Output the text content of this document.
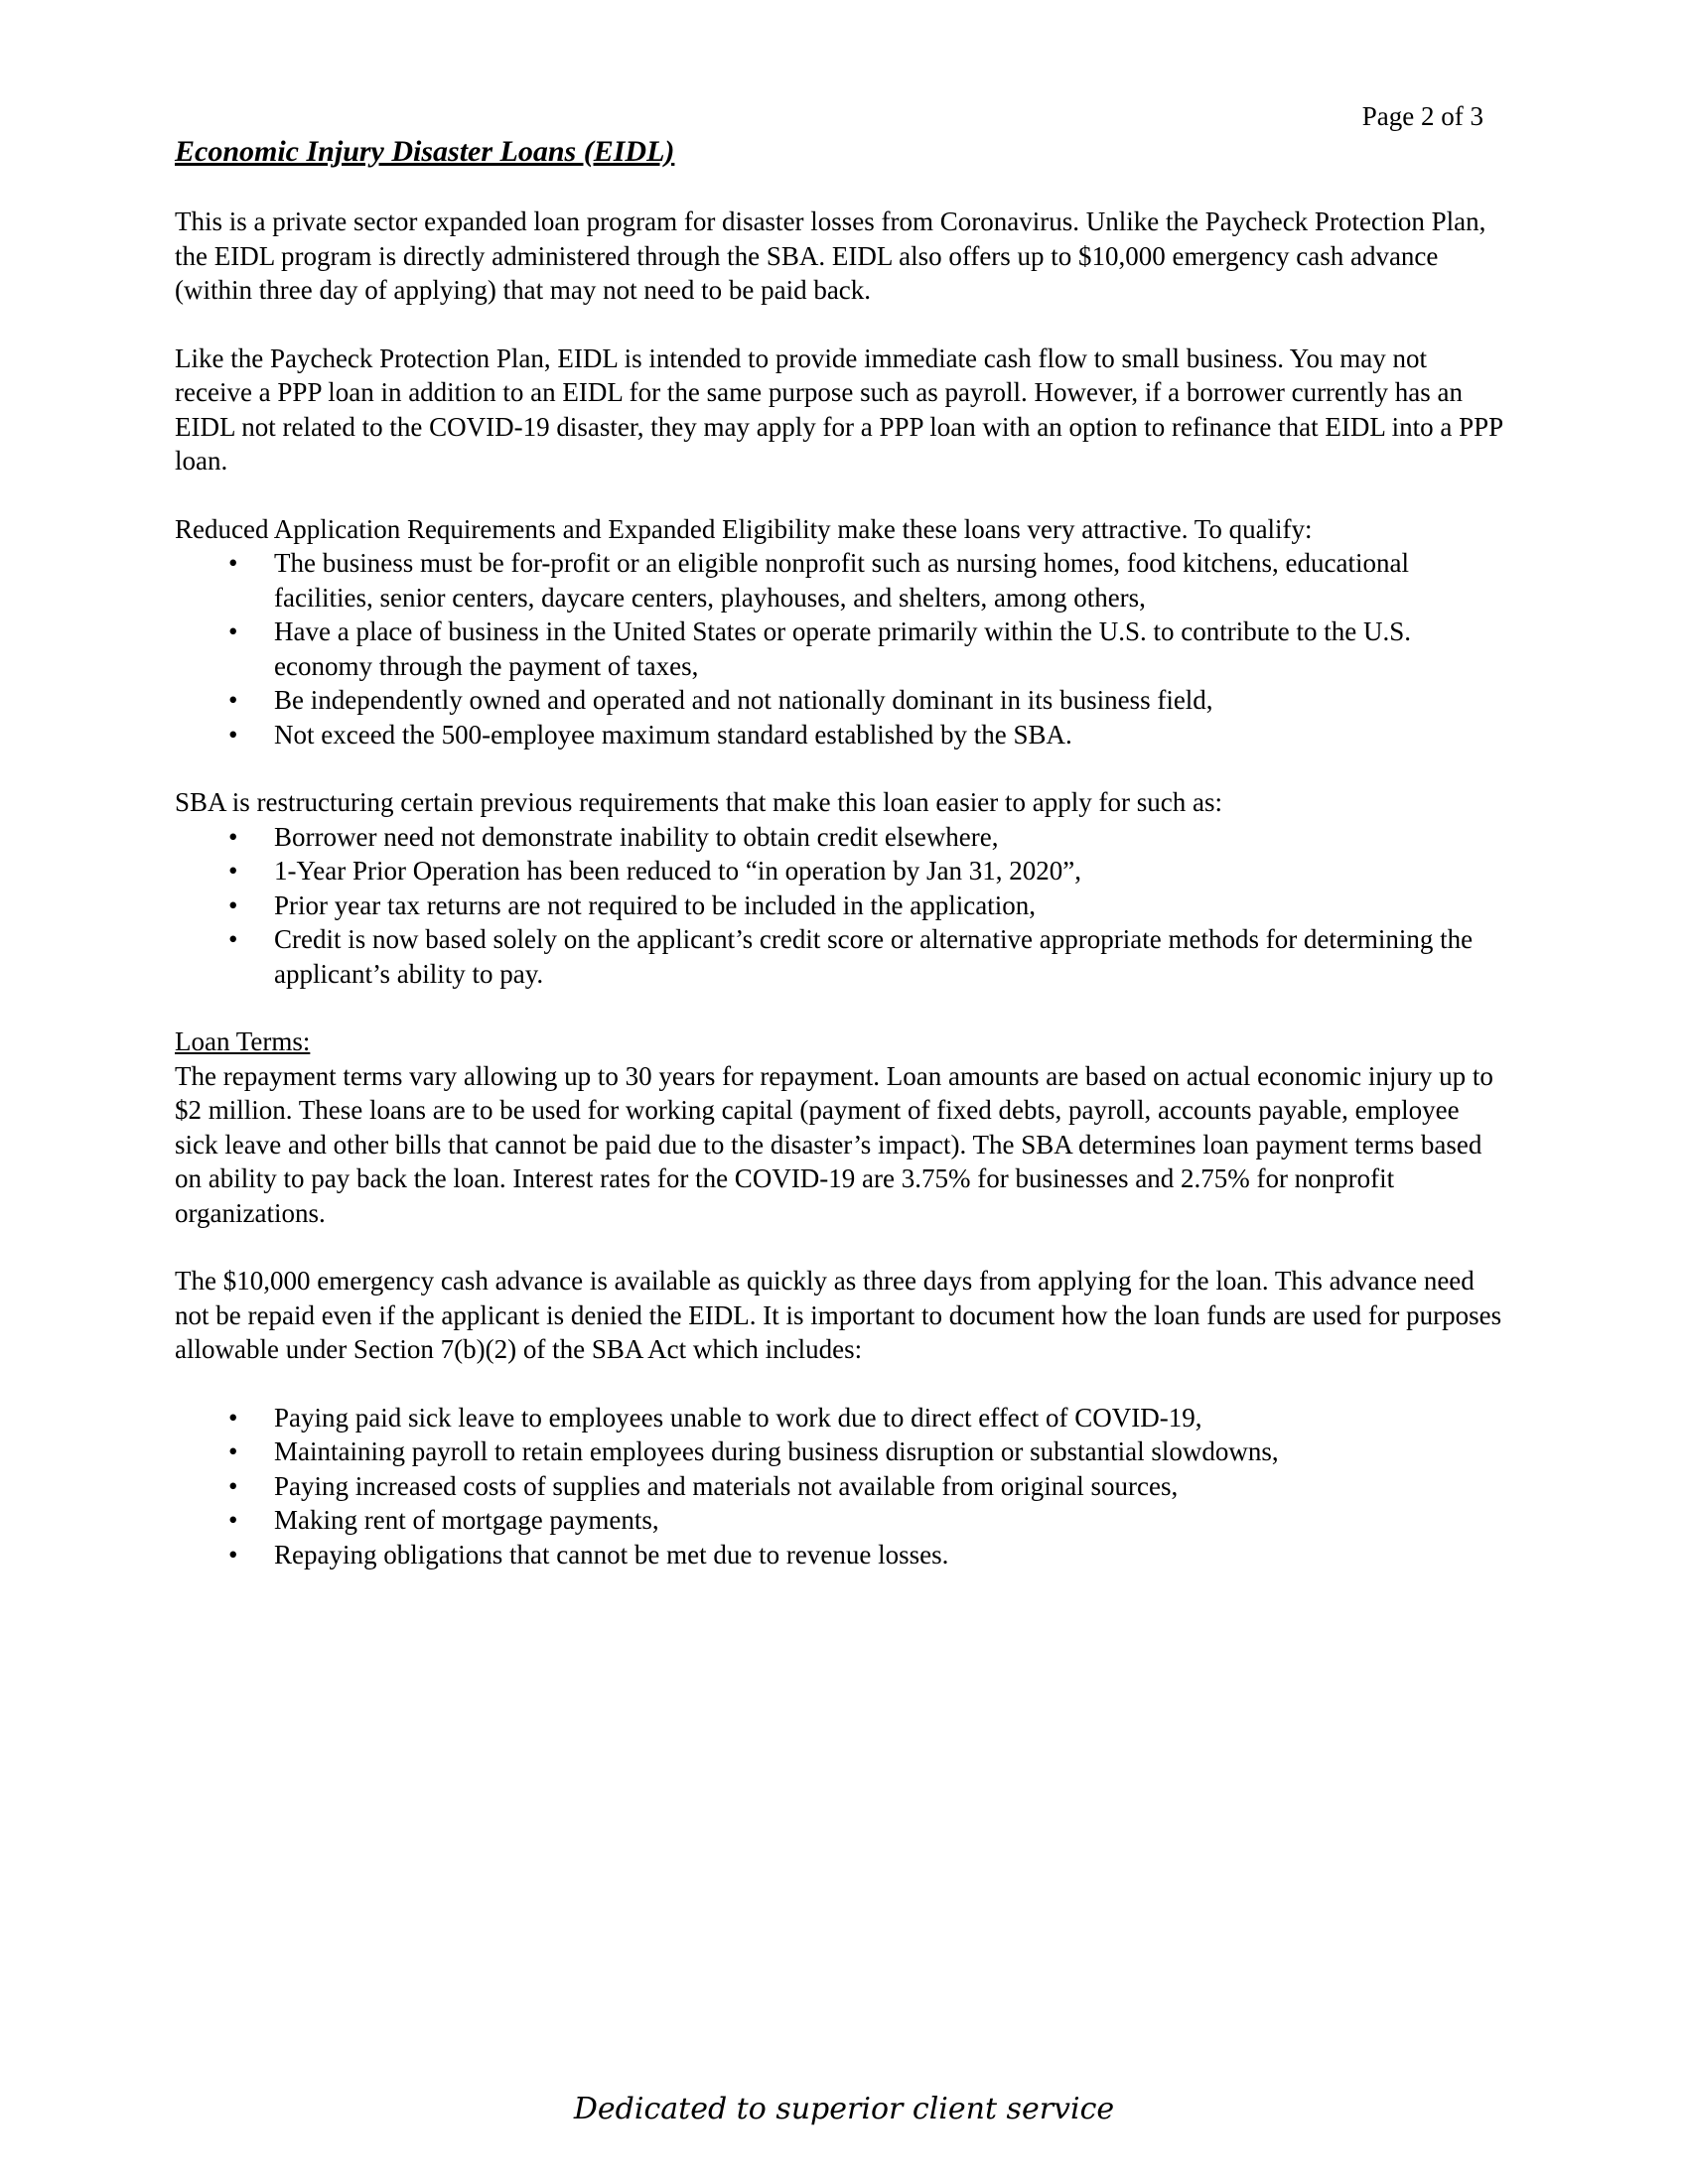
Page 2 of 3
Economic Injury Disaster Loans (EIDL)

This is a private sector expanded loan program for disaster losses from Coronavirus. Unlike the Paycheck Protection Plan, the EIDL program is directly administered through the SBA. EIDL also offers up to $10,000 emergency cash advance (within three day of applying) that may not need to be paid back.

Like the Paycheck Protection Plan, EIDL is intended to provide immediate cash flow to small business. You may not receive a PPP loan in addition to an EIDL for the same purpose such as payroll. However, if a borrower currently has an EIDL not related to the COVID-19 disaster, they may apply for a PPP loan with an option to refinance that EIDL into a PPP loan.

Reduced Application Requirements and Expanded Eligibility make these loans very attractive. To qualify:

• The business must be for-profit or an eligible nonprofit such as nursing homes, food kitchens, educational facilities, senior centers, daycare centers, playhouses, and shelters, among others,
• Have a place of business in the United States or operate primarily within the U.S. to contribute to the U.S. economy through the payment of taxes,
• Be independently owned and operated and not nationally dominant in its business field,
• Not exceed the 500-employee maximum standard established by the SBA.

SBA is restructuring certain previous requirements that make this loan easier to apply for such as:

• Borrower need not demonstrate inability to obtain credit elsewhere,
• 1-Year Prior Operation has been reduced to “in operation by Jan 31, 2020”,
• Prior year tax returns are not required to be included in the application,
• Credit is now based solely on the applicant’s credit score or alternative appropriate methods for determining the applicant’s ability to pay.
Loan Terms:

The repayment terms vary allowing up to 30 years for repayment. Loan amounts are based on actual economic injury up to $2 million. These loans are to be used for working capital (payment of fixed debts, payroll, accounts payable, employee sick leave and other bills that cannot be paid due to the disaster’s impact). The SBA determines loan payment terms based on ability to pay back the loan. Interest rates for the COVID-19 are 3.75% for businesses and 2.75% for nonprofit organizations.

The $10,000 emergency cash advance is available as quickly as three days from applying for the loan. This advance need not be repaid even if the applicant is denied the EIDL. It is important to document how the loan funds are used for purposes allowable under Section 7(b)(2) of the SBA Act which includes:

• Paying paid sick leave to employees unable to work due to direct effect of COVID-19,
• Maintaining payroll to retain employees during business disruption or substantial slowdowns,
• Paying increased costs of supplies and materials not available from original sources,
• Making rent of mortgage payments,
• Repaying obligations that cannot be met due to revenue losses.
Dedicated to superior client service
